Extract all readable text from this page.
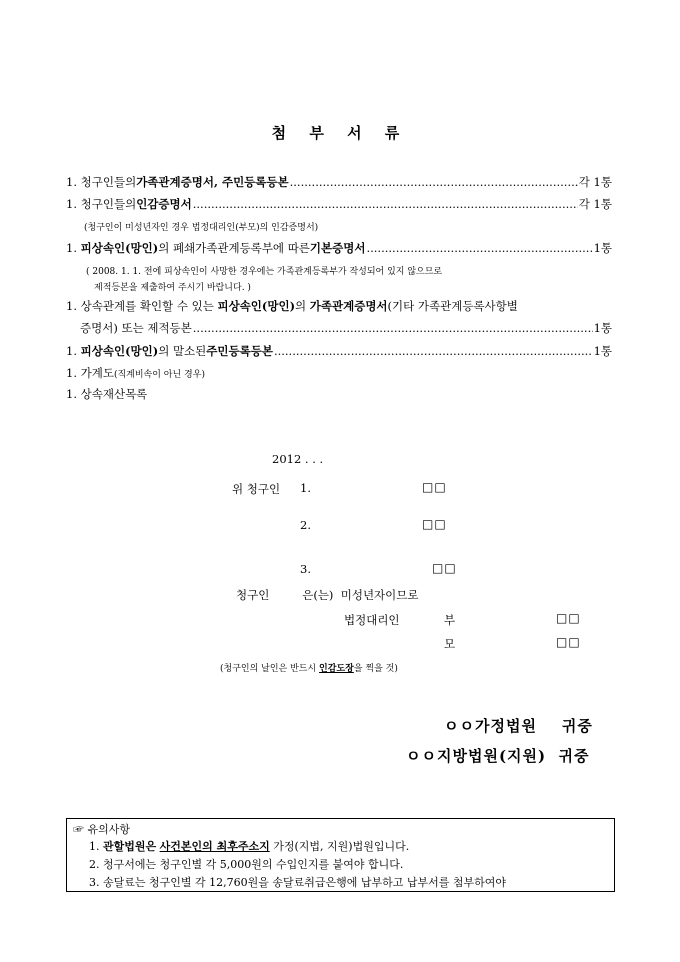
첨 부 서 류
1.
청구인들의 가족관계증명서, 주민등록등본 .....	각 1통
1.
청구인들의 인감증명서 .....	각 1통
(청구인이 미성년자인 경우 법정대리인(부모)의 인감증명서)
1.
피상속인(망인) 의 폐쇄가족관계등록부에 따른 기본증명서 .....	1통
( 2008. 1. 1. 전에 피상속인이 사망한 경우에는 가족관계등록부가 작성되어 있지 않으므로
제적등본을 제출하여 주시기 바랍니다. )
1. 상속관계를 확인할 수 있는 피상속인(망인)의 가족관계증명서(기타 가족관계등록사항별
증명서) 또는 제적등본 .....	1통
1.
피상속인(망인) 의 말소된 주민등록등본 .....	1통
1. 가계도(직계비속이 아닌 경우)
1. 상속재산목록
2012 . . .
위 청구인 1.	□□
2.	□□
3.	□□
청구인         은(는)  미성년자이므로
법정대리인	부	□□
모	□□
(청구인의 날인은 반드시 인감도장을 찍을 것)
ㅇㅇ가정법원    귀중
ㅇㅇ지방법원(지원)  귀중
☞ 유의사항
1. 관할법원은 사건본인의 최후주소지 가정(지법, 지원)법원입니다.
2. 청구서에는 청구인별 각 5,000원의 수입인지를 붙여야 합니다.
3. 송달료는 청구인별 각 12,760원을 송달료취급은행에 납부하고 납부서를 첨부하여야
